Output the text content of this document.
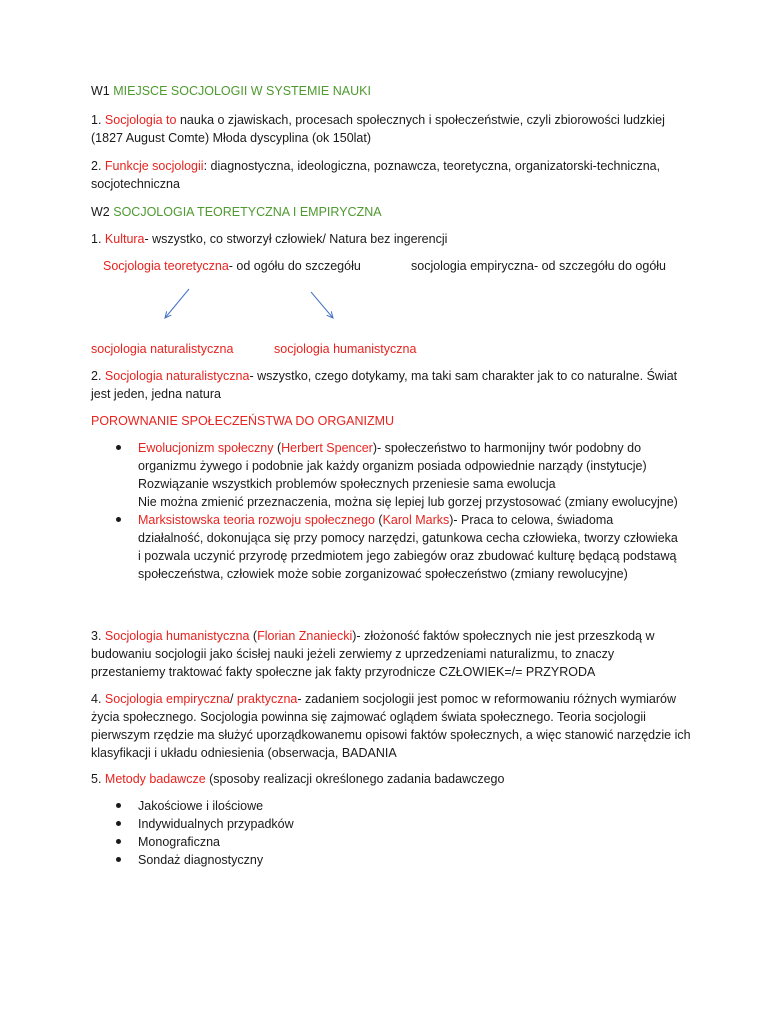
W1 MIEJSCE SOCJOLOGII W SYSTEMIE NAUKI
1. Socjologia to nauka o zjawiskach, procesach społecznych i społeczeństwie, czyli zbiorowości ludzkiej (1827 August Comte) Młoda dyscyplina (ok 150lat)
2. Funkcje socjologii: diagnostyczna, ideologiczna, poznawcza, teoretyczna, organizatorski-techniczna, socjotechniczna
W2 SOCJOLOGIA TEORETYCZNA I EMPIRYCZNA
1. Kultura- wszystko, co stworzył człowiek/ Natura bez ingerencji
Socjologia teoretyczna- od ogółu do szczegółu	socjologia empiryczna- od szczegółu do ogółu
socjologia naturalistyczna	socjologia humanistyczna
2. Socjologia naturalistyczna- wszystko, czego dotykamy, ma taki sam charakter jak to co naturalne. Świat jest jeden, jedna natura
POROWNANIE SPOŁECZEŃSTWA DO ORGANIZMU
Ewolucjonizm społeczny (Herbert Spencer)- społeczeństwo to harmonijny twór podobny do organizmu żywego i podobnie jak każdy organizm posiada odpowiednie narządy (instytucje)
Rozwiązanie wszystkich problemów społecznych przeniesie sama ewolucja
Nie można zmienić przeznaczenia, można się lepiej lub gorzej przystosować (zmiany ewolucyjne)
Marksistowska teoria rozwoju społecznego (Karol Marks)- Praca to celowa, świadoma działalność, dokonująca się przy pomocy narzędzi, gatunkowa cecha człowieka, tworzy człowieka i pozwala uczynić przyrodę przedmiotem jego zabiegów oraz zbudować kulturę będącą podstawą społeczeństwa, człowiek może sobie zorganizować społeczeństwo (zmiany rewolucyjne)
3. Socjologia humanistyczna (Florian Znaniecki)- złożoność faktów społecznych nie jest przeszkodą w budowaniu socjologii jako ścisłej nauki jeżeli zerwiemy z uprzedzeniami naturalizmu, to znaczy przestaniemy traktować fakty społeczne jak fakty przyrodnicze CZŁOWIEK=/= PRZYRODA
4. Socjologia empiryczna/ praktyczna- zadaniem socjologii jest pomoc w reformowaniu różnych wymiarów życia społecznego. Socjologia powinna się zajmować oglądem świata społecznego. Teoria socjologii pierwszym rzędzie ma służyć uporządkowanemu opisowi faktów społecznych, a więc stanowić narzędzie ich klasyfikacji i układu odniesienia (obserwacja, BADANIA
5. Metody badawcze (sposoby realizacji określonego zadania badawczego
Jakościowe i ilościowe
Indywidualnych przypadków
Monograficzna
Sondaż diagnostyczny
